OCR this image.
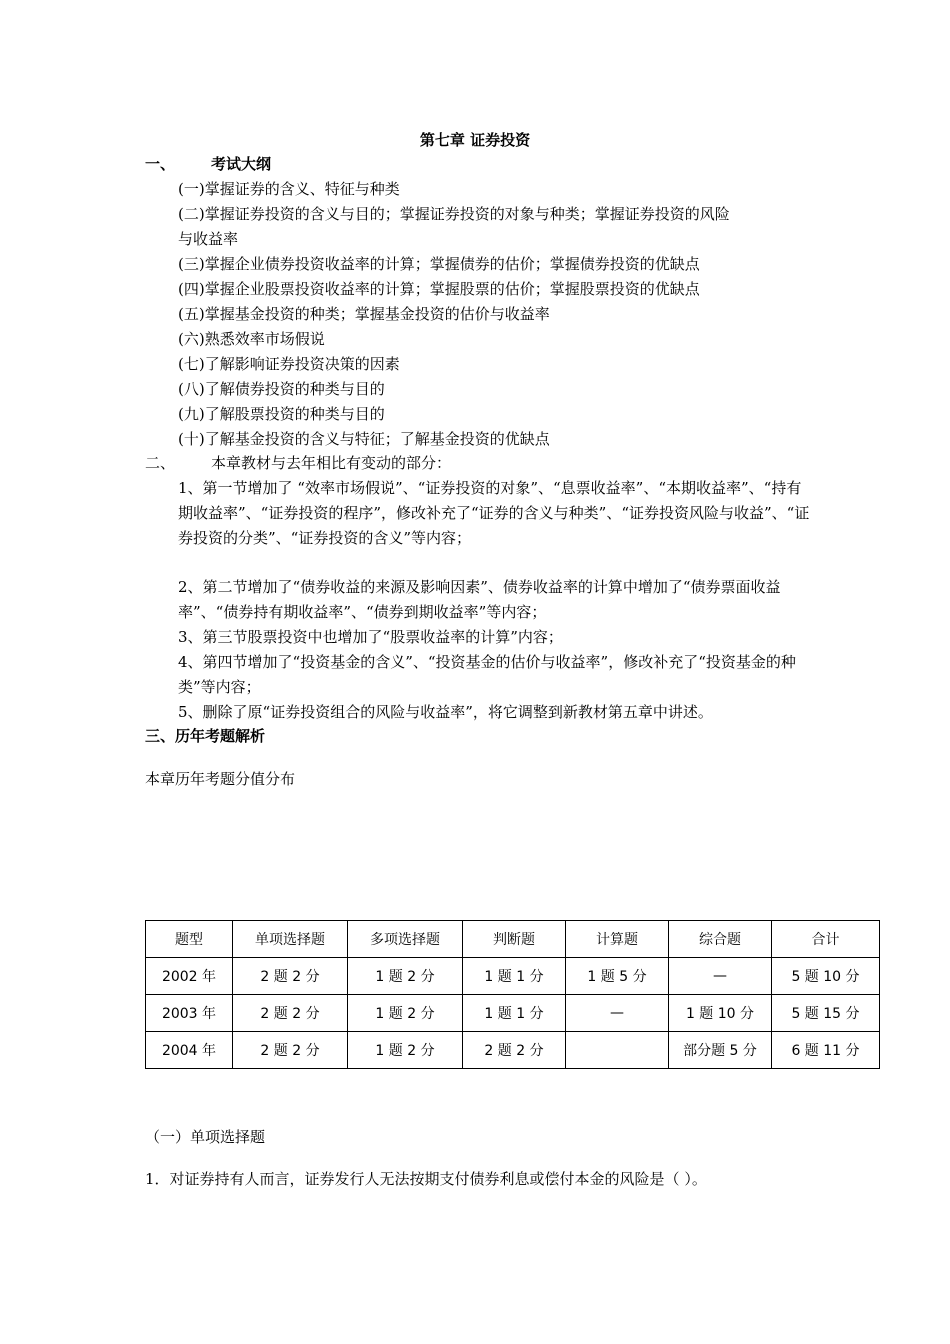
第七章 证券投资
一、 考试大纲
(一)掌握证券的含义、特征与种类
(二)掌握证券投资的含义与目的；掌握证券投资的对象与种类；掌握证券投资的风险
与收益率
(三)掌握企业债券投资收益率的计算；掌握债券的估价；掌握债券投资的优缺点
(四)掌握企业股票投资收益率的计算；掌握股票的估价；掌握股票投资的优缺点
(五)掌握基金投资的种类；掌握基金投资的估价与收益率
(六)熟悉效率市场假说
(七)了解影响证券投资决策的因素
(八)了解债券投资的种类与目的
(九)了解股票投资的种类与目的
(十)了解基金投资的含义与特征；了解基金投资的优缺点
二、 本章教材与去年相比有变动的部分：
1、第一节增加了 “效率市场假说”、“证券投资的对象”、“息票收益率”、“本期收益率”、“持有期收益率”、“证券投资的程序”，修改补充了“证券的含义与种类”、“证券投资风险与收益”、“证券投资的分类”、“证券投资的含义”等内容；
2、第二节增加了“债券收益的来源及影响因素”、债券收益率的计算中增加了“债券票面收益率”、“债券持有期收益率”、“债券到期收益率”等内容；
3、第三节股票投资中也增加了“股票收益率的计算”内容；
4、第四节增加了“投资基金的含义”、“投资基金的估价与收益率”，修改补充了“投资基金的种类”等内容；
5、删除了原“证券投资组合的风险与收益率”，将它调整到新教材第五章中讲述。
三、历年考题解析
本章历年考题分值分布
题型	单项选择题	多项选择题	判断题	计算题	综合题	合计
2002 年	2 题 2 分	1 题 2 分	1 题 1 分	1 题 5 分	—	5 题 10 分
2003 年	2 题 2 分	1 题 2 分	1 题 1 分	—	1 题 10 分	5 题 15 分
2004 年	2 题 2 分	1 题 2 分	2 题 2 分		部分题 5 分	6 题 11 分
（一）单项选择题
1．对证券持有人而言，证券发行人无法按期支付债券利息或偿付本金的风险是（ ）。
